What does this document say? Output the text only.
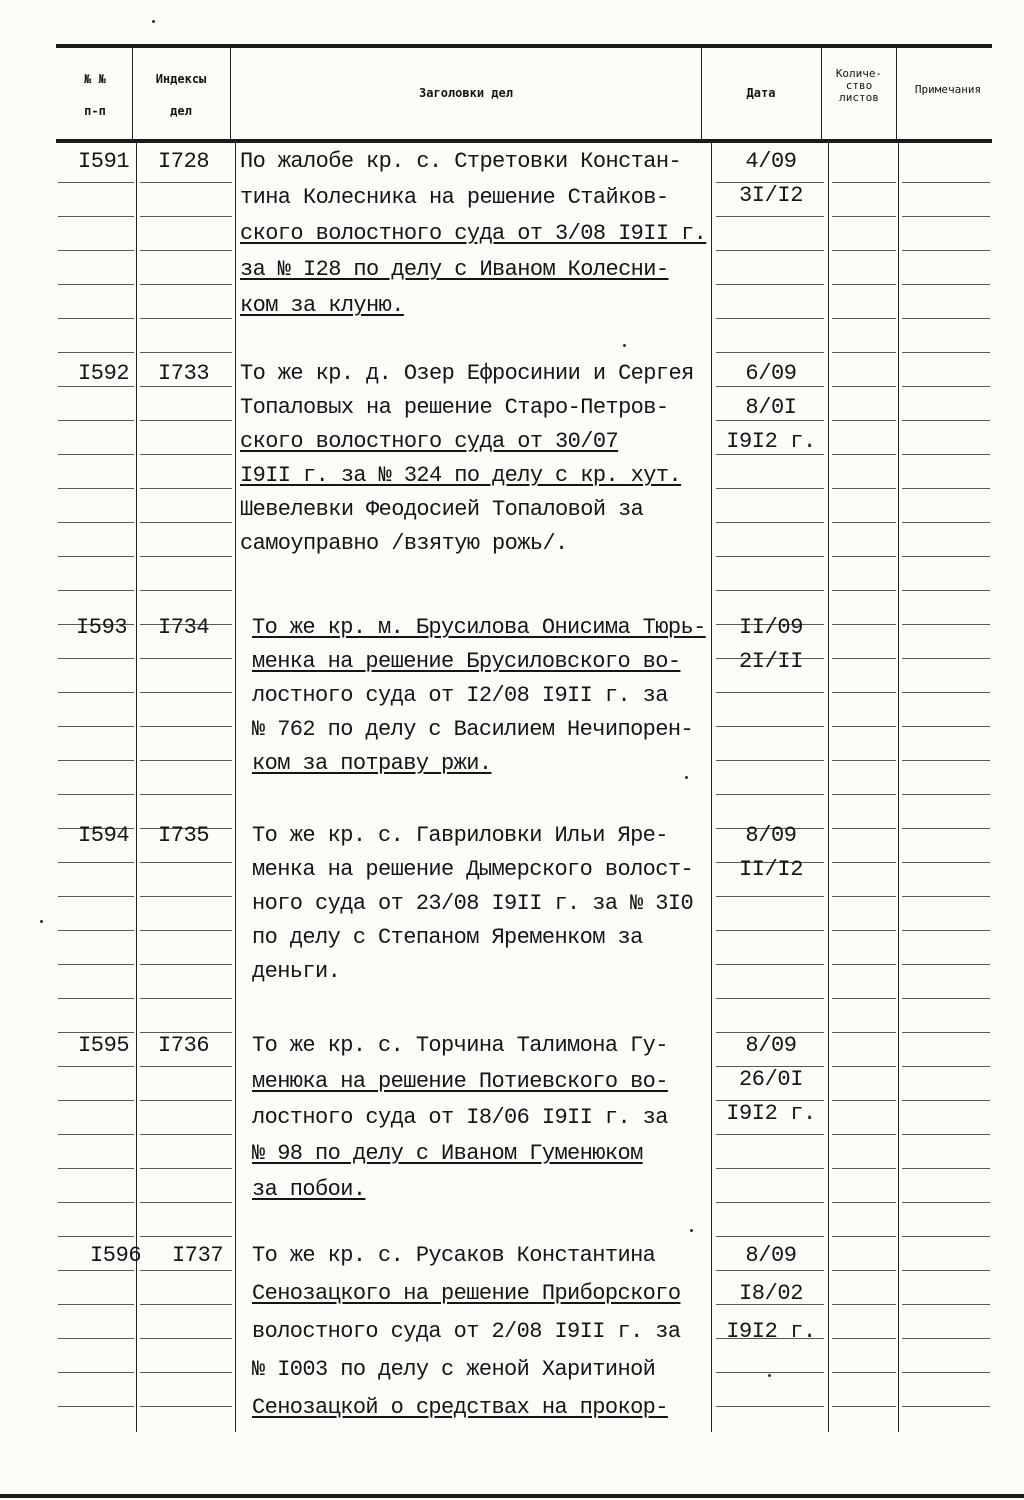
№ №
п-п
Индексы
дел
Заголовки дел	Дата
Количе-
ство
листов
Примечания
I591 I728 По жалобе кр. с. Стретовки Констан-
тина Колесника на решение Стайков-
ского волостного суда от 3/08 I9II г.
за № I28 по делу с Иваном Колесни-
ком за клуню.
4/09
3I/I2
I592 I733 То же кр. д. Озер Ефросинии и Сергея
Топаловых на решение Старо-Петров-
ского волостного суда от 30/07
I9II г. за № 324 по делу с кр. хут.
Шевелевки Феодосией Топаловой за
самоуправно /взятую рожь/.
6/09
8/0I
I9I2 г.
I593 I734 То же кр. м. Брусилова Онисима Тюрь-
менка на решение Брусиловского во-
лостного суда от I2/08 I9II г. за
№ 762 по делу с Василием Нечипорен-
ком за потраву ржи.
II/09
2I/II
I594 I735 То же кр. с. Гавриловки Ильи Яре-
менка на решение Дымерского волост-
ного суда от 23/08 I9II г. за № 3I0
по делу с Степаном Яременком за
деньги.
8/09
II/I2
I595 I736 То же кр. с. Торчина Талимона Гу-
менюка на решение Потиевского во-
лостного суда от I8/06 I9II г. за
№ 98 по делу с Иваном Гуменюком
за побои.
8/09
26/0I
I9I2 г.
I596 I737 То же кр. с. Русаков Константина
Сенозацкого на решение Приборского
волостного суда от 2/08 I9II г. за
№ I003 по делу с женой Харитиной
Сенозацкой о средствах на прокор-
8/09
I8/02
I9I2 г.
